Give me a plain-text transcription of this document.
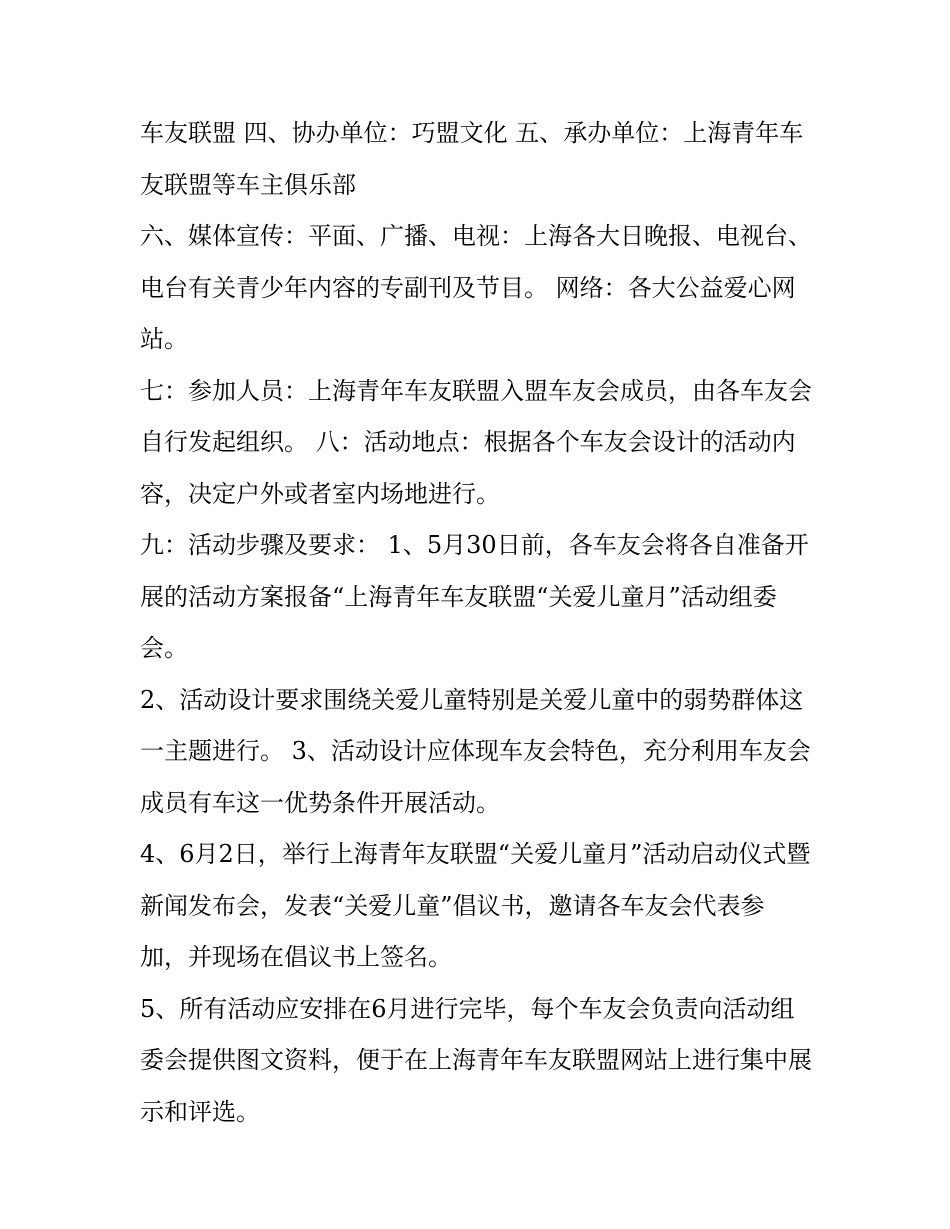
车友联盟 四、协办单位：巧盟文化 五、承办单位：上海青年车友联盟等车主俱乐部

六、媒体宣传：平面、广播、电视：上海各大日晚报、电视台、电台有关青少年内容的专副刊及节目。 网络：各大公益爱心网站。

七：参加人员：上海青年车友联盟入盟车友会成员，由各车友会自行发起组织。 八：活动地点：根据各个车友会设计的活动内容，决定户外或者室内场地进行。

九：活动步骤及要求： 1、5月30日前，各车友会将各自准备开展的活动方案报备“上海青年车友联盟“关爱儿童月”活动组委会。

2、活动设计要求围绕关爱儿童特别是关爱儿童中的弱势群体这一主题进行。 3、活动设计应体现车友会特色，充分利用车友会成员有车这一优势条件开展活动。

4、6月2日，举行上海青年友联盟“关爱儿童月”活动启动仪式暨新闻发布会，发表“关爱儿童”倡议书，邀请各车友会代表参加，并现场在倡议书上签名。

5、所有活动应安排在6月进行完毕，每个车友会负责向活动组委会提供图文资料，便于在上海青年车友联盟网站上进行集中展示和评选。
